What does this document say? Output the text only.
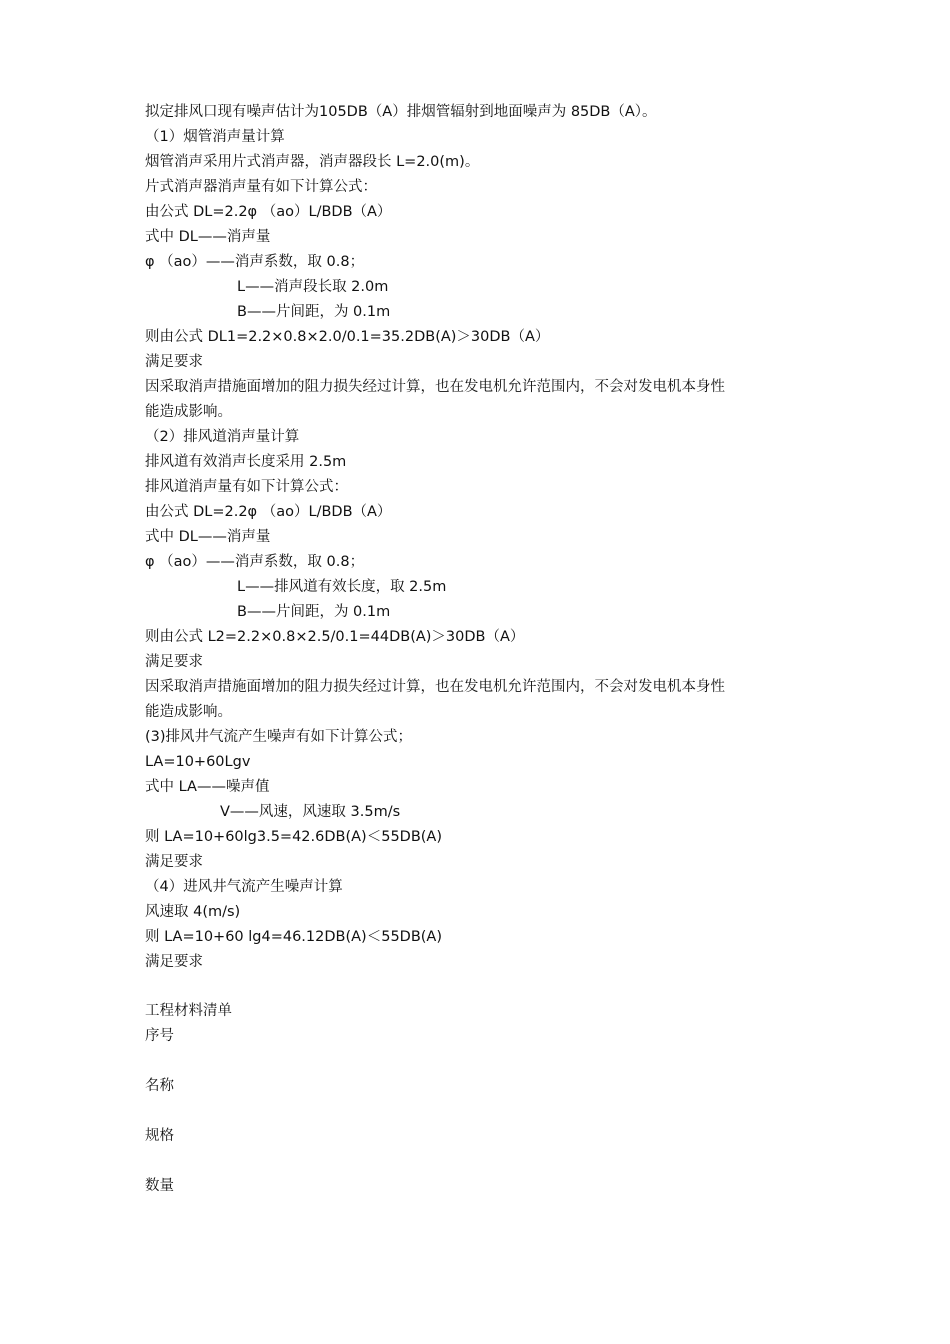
拟定排风口现有噪声估计为105DB（A）排烟管辐射到地面噪声为 85DB（A）。
（1）烟管消声量计算
烟管消声采用片式消声器，消声器段长 L=2.0(m)。
片式消声器消声量有如下计算公式：
由公式 DL=2.2φ （ao）L/BDB（A）
式中 DL——消声量
φ （ao）——消声系数，取 0.8；
L——消声段长取 2.0m
B——片间距，为 0.1m
则由公式 DL1=2.2×0.8×2.0/0.1=35.2DB(A)＞30DB（A）
满足要求
因采取消声措施面增加的阻力损失经过计算，也在发电机允许范围内，不会对发电机本身性
能造成影响。
（2）排风道消声量计算
排风道有效消声长度采用 2.5m
排风道消声量有如下计算公式：
由公式 DL=2.2φ （ao）L/BDB（A）
式中 DL——消声量
φ （ao）——消声系数，取 0.8；
L——排风道有效长度，取 2.5m
B——片间距，为 0.1m
则由公式 L2=2.2×0.8×2.5/0.1=44DB(A)＞30DB（A）
满足要求
因采取消声措施面增加的阻力损失经过计算，也在发电机允许范围内，不会对发电机本身性
能造成影响。
(3)排风井气流产生噪声有如下计算公式；
LA=10+60Lgv
式中 LA——噪声值
V——风速，风速取 3.5m/s
则 LA=10+60lg3.5=42.6DB(A)＜55DB(A)
满足要求
（4）进风井气流产生噪声计算
风速取 4(m/s)
则 LA=10+60 lg4=46.12DB(A)＜55DB(A)
满足要求
工程材料清单
序号
名称
规格
数量
